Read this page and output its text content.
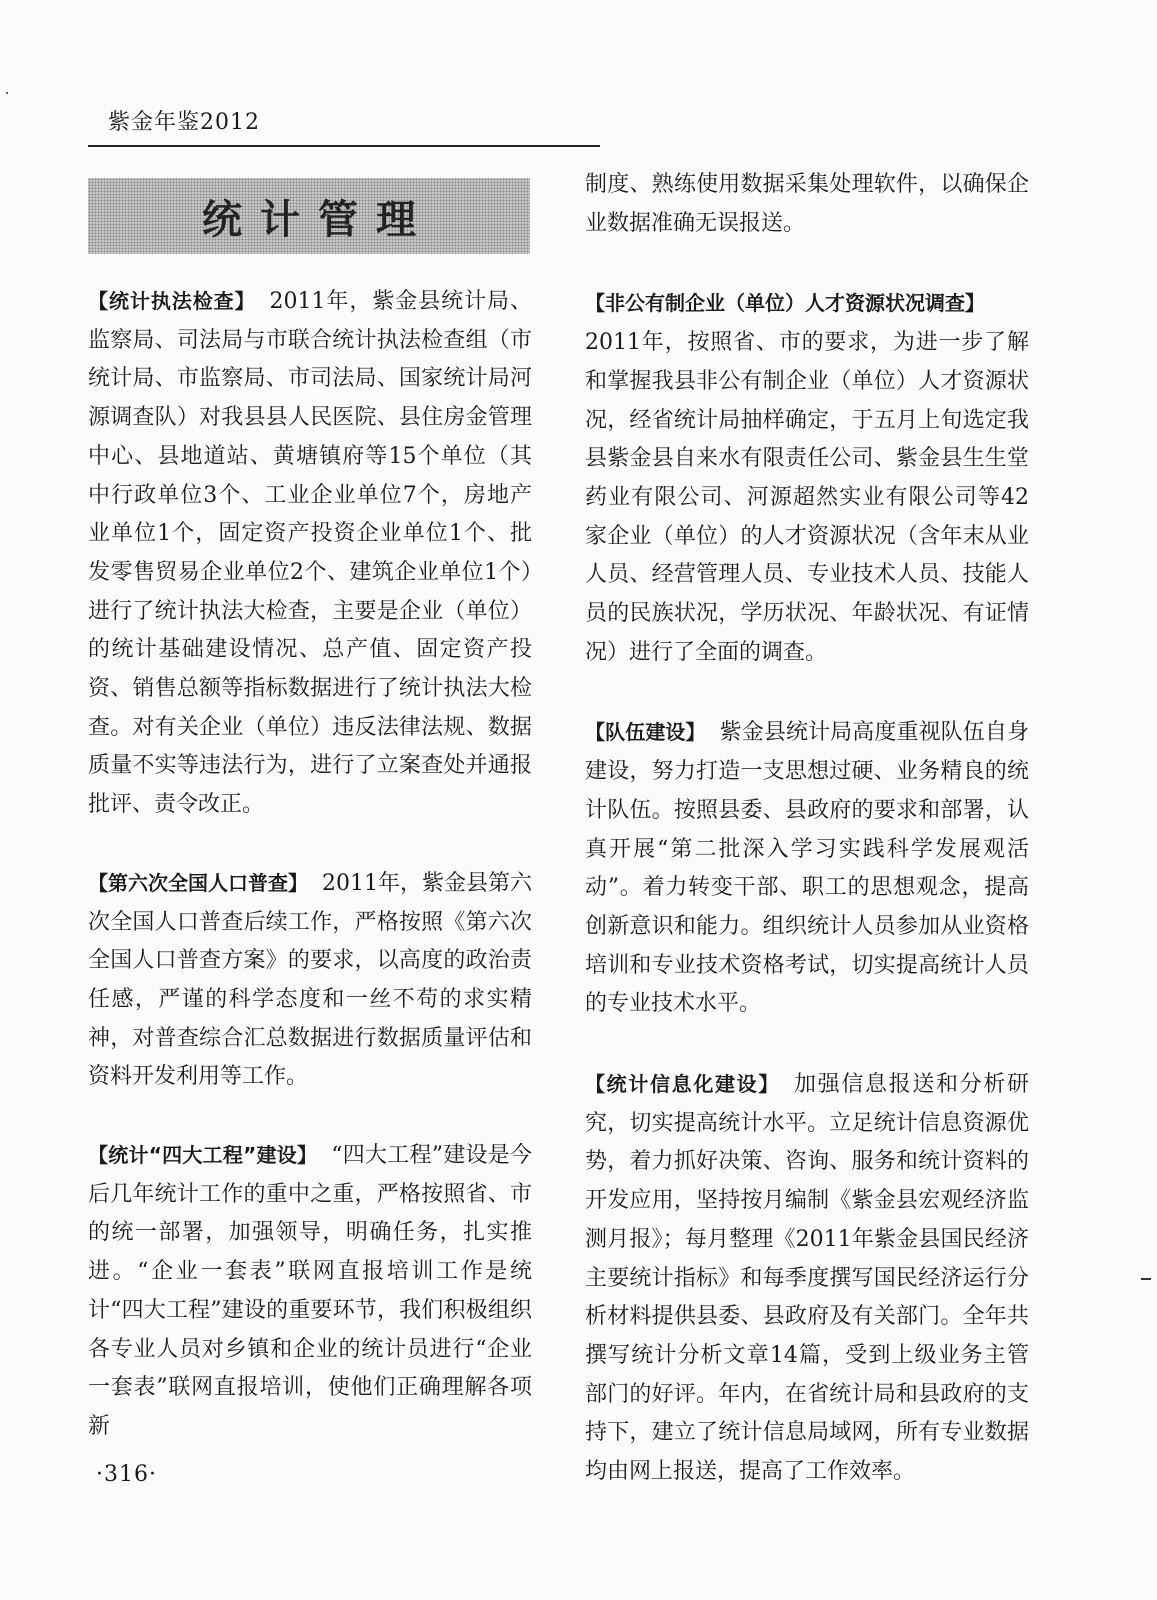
紫金年鉴2012
统计管理

【统计执法检查】 2011年，紫金县统计局、监察局、司法局与市联合统计执法检查组（市统计局、市监察局、市司法局、国家统计局河源调查队）对我县县人民医院、县住房金管理中心、县地道站、黄塘镇府等15个单位（其中行政单位3个、工业企业单位7个，房地产业单位1个，固定资产投资企业单位1个、批发零售贸易企业单位2个、建筑企业单位1个）进行了统计执法大检查，主要是企业（单位）的统计基础建设情况、总产值、固定资产投资、销售总额等指标数据进行了统计执法大检查。对有关企业（单位）违反法律法规、数据质量不实等违法行为，进行了立案查处并通报批评、责令改正。

【第六次全国人口普查】 2011年，紫金县第六次全国人口普查后续工作，严格按照《第六次全国人口普查方案》的要求，以高度的政治责任感，严谨的科学态度和一丝不苟的求实精神，对普查综合汇总数据进行数据质量评估和资料开发利用等工作。

【统计“四大工程”建设】 “四大工程”建设是今后几年统计工作的重中之重，严格按照省、市的统一部署，加强领导，明确任务，扎实推进。“企业一套表”联网直报培训工作是统计“四大工程”建设的重要环节，我们积极组织各专业人员对乡镇和企业的统计员进行“企业一套表”联网直报培训，使他们正确理解各项新

制度、熟练使用数据采集处理软件，以确保企业数据准确无误报送。

【非公有制企业（单位）人才资源状况调查】
2011年，按照省、市的要求，为进一步了解和掌握我县非公有制企业（单位）人才资源状况，经省统计局抽样确定，于五月上旬选定我县紫金县自来水有限责任公司、紫金县生生堂药业有限公司、河源超然实业有限公司等42家企业（单位）的人才资源状况（含年末从业人员、经营管理人员、专业技术人员、技能人员的民族状况，学历状况、年龄状况、有证情况）进行了全面的调查。

【队伍建设】 紫金县统计局高度重视队伍自身建设，努力打造一支思想过硬、业务精良的统计队伍。按照县委、县政府的要求和部署，认真开展“第二批深入学习实践科学发展观活动”。着力转变干部、职工的思想观念，提高创新意识和能力。组织统计人员参加从业资格培训和专业技术资格考试，切实提高统计人员的专业技术水平。

【统计信息化建设】 加强信息报送和分析研究，切实提高统计水平。立足统计信息资源优势，着力抓好决策、咨询、服务和统计资料的开发应用，坚持按月编制《紫金县宏观经济监测月报》；每月整理《2011年紫金县国民经济主要统计指标》和每季度撰写国民经济运行分析材料提供县委、县政府及有关部门。全年共撰写统计分析文章14篇，受到上级业务主管部门的好评。年内，在省统计局和县政府的支持下，建立了统计信息局域网，所有专业数据均由网上报送，提高了工作效率。

·316·
